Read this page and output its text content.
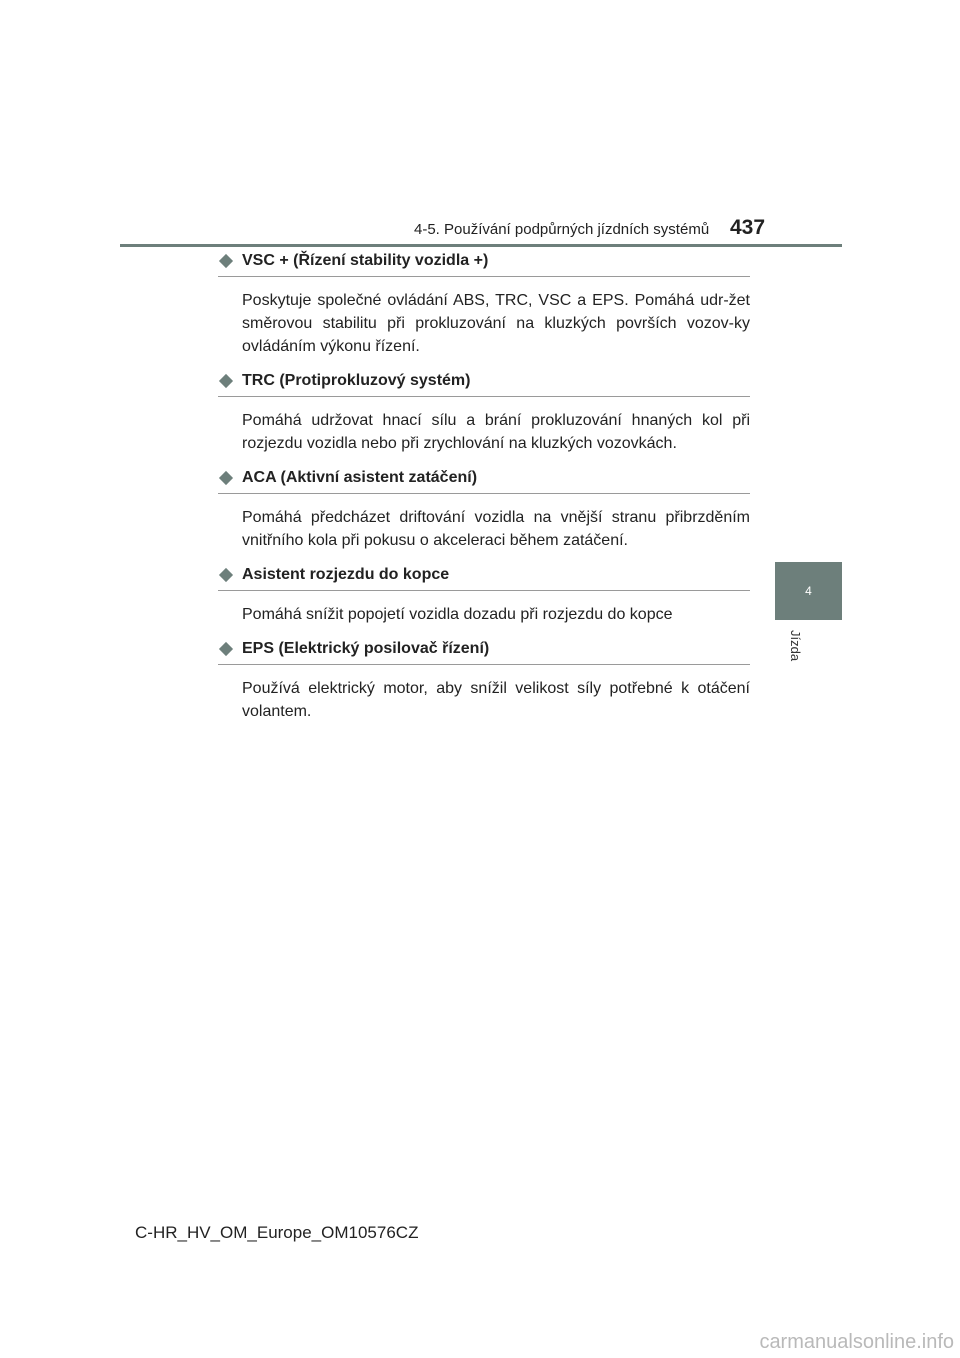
4-5. Používání podpůrných jízdních systémů 437
4
Jízda
VSC + (Řízení stability vozidla +)
Poskytuje společné ovládání ABS, TRC, VSC a EPS. Pomáhá udr-žet směrovou stabilitu při prokluzování na kluzkých površích vozov-ky ovládáním výkonu řízení.
TRC (Protiprokluzový systém)
Pomáhá udržovat hnací sílu a brání prokluzování hnaných kol při rozjezdu vozidla nebo při zrychlování na kluzkých vozovkách.
ACA (Aktivní asistent zatáčení)
Pomáhá předcházet driftování vozidla na vnější stranu přibrzděním vnitřního kola při pokusu o akceleraci během zatáčení.
Asistent rozjezdu do kopce
Pomáhá snížit popojetí vozidla dozadu při rozjezdu do kopce
EPS (Elektrický posilovač řízení)
Používá elektrický motor, aby snížil velikost síly potřebné k otáčení volantem.
C-HR_HV_OM_Europe_OM10576CZ
carmanualsonline.info
